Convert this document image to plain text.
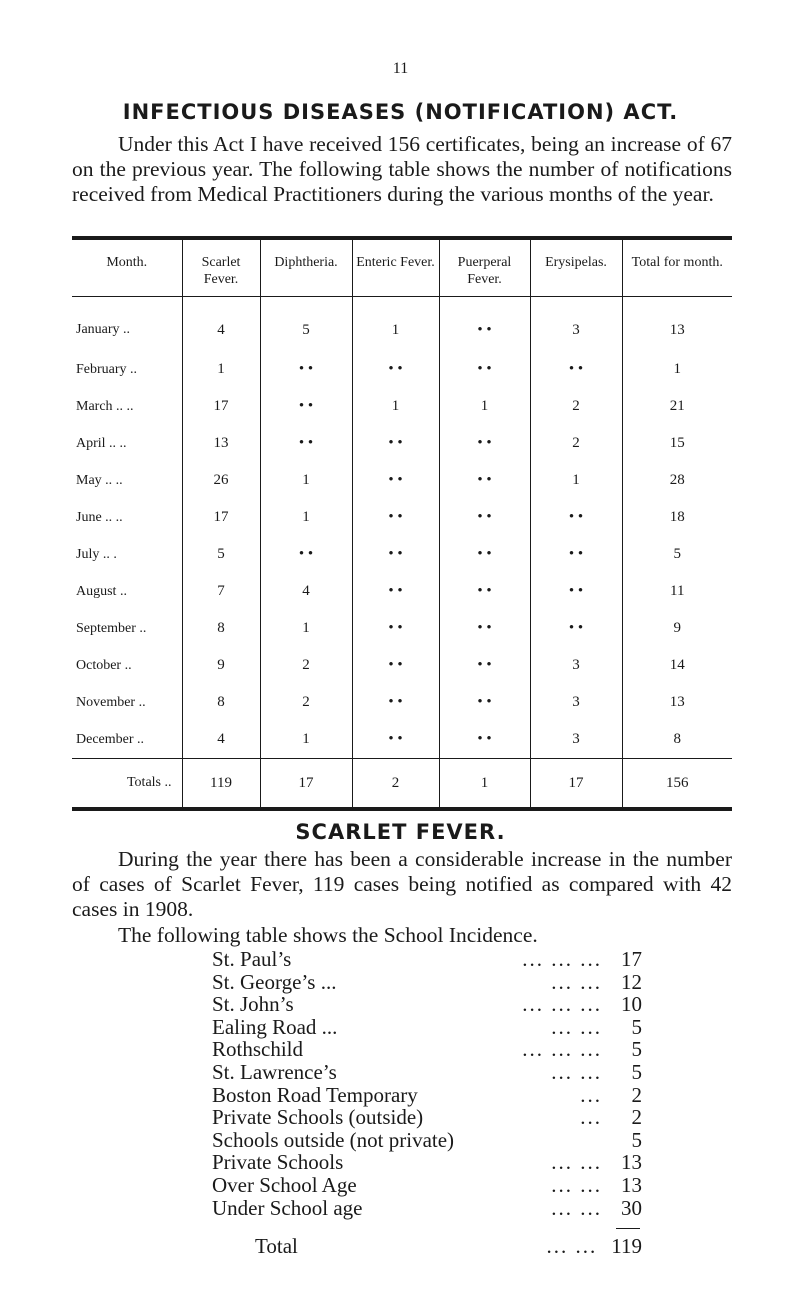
11
INFECTIOUS DISEASES (NOTIFICATION) ACT.
Under this Act I have received 156 certificates, being an increase of 67 on the previous year. The following table shows the number of notifications received from Medical Practitioners during the various months of the year.
Month.	Scarlet Fever.	Diphtheria.	Enteric Fever.	Puerperal Fever.	Erysipelas.	Total for month.

January ..	4	5	1	• •	3	13
February ..	1	• •	• •	• •	• •	1
March .. ..	17	• •	1	1	2	21
April .. ..	13	• •	• •	• •	2	15
May .. ..	26	1	• •	• •	1	28
June .. ..	17	1	• •	• •	• •	18
July .. .	5	• •	• •	• •	• •	5
August ..	7	4	• •	• •	• •	11
September ..	8	1	• •	• •	• •	9
October ..	9	2	• •	• •	3	14
November ..	8	2	• •	• •	3	13
December ..	4	1	• •	• •	3	8
Totals ..	119	17	2	1	17	156
SCARLET FEVER.
During the year there has been a considerable increase in the number of cases of Scarlet Fever, 119 cases being notified as compared with 42 cases in 1908.
The following table shows the School Incidence.
St. Paul’s	... ... ... 17
St. George’s ...	... ... 12
St. John’s	... ... ... 10
Ealing Road ...	... ...	5
Rothschild	... ... ...	5
St. Lawrence’s	... ...	5
Boston Road Temporary	...	2
Private Schools (outside)	...	2
Schools outside (not private)	5
Private Schools	... ... 13
Over School Age	... ... 13
Under School age	... ... 30
Total	... ... 119
